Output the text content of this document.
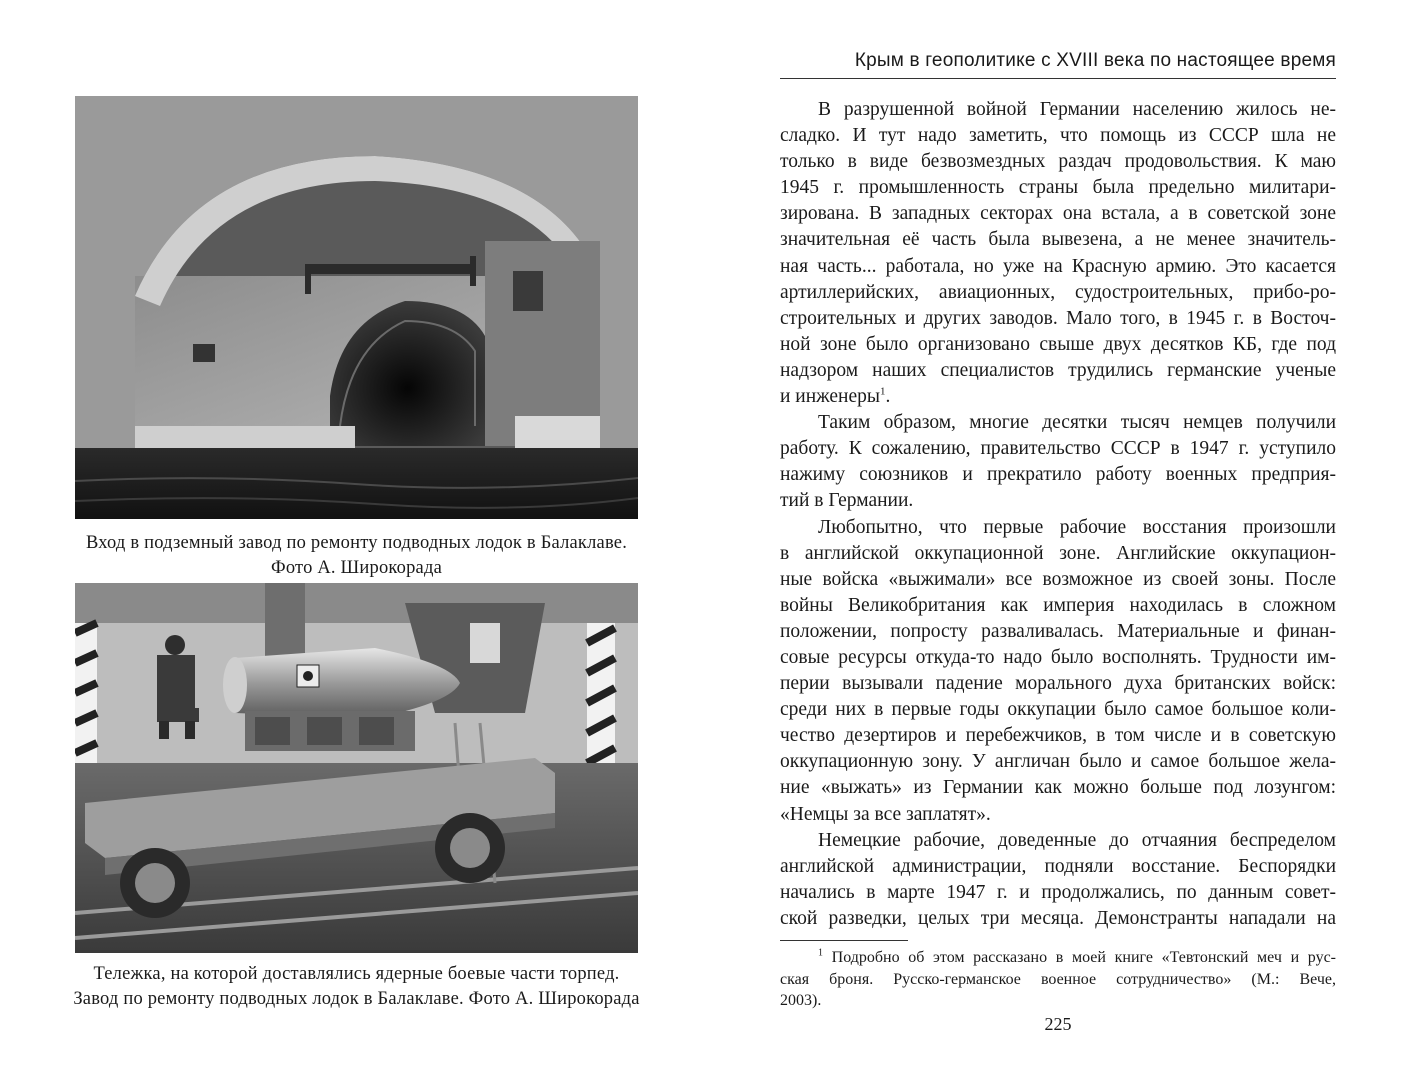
Вход в подземный завод по ремонту подводных лодок в Балаклаве.
Фото А. Широкорада
Тележка, на которой доставлялись ядерные боевые части торпед.
Завод по ремонту подводных лодок в Балаклаве. Фото А. Широкорада
Крым в геополитике с XVIII века по настоящее время
В разрушенной войной Германии населению жилось не-
сладко. И тут надо заметить, что помощь из СССР шла не
только в виде безвозмездных раздач продовольствия. К маю
1945 г. промышленность страны была предельно милитари-
зирована. В западных секторах она встала, а в советской зоне
значительная её часть была вывезена, а не менее значитель-
ная часть... работала, но уже на Красную армию. Это касается
артиллерийских, авиационных, судостроительных, прибо-ро-
строительных и других заводов. Мало того, в 1945 г. в Восточ-
ной зоне было организовано свыше двух десятков КБ, где под
надзором наших специалистов трудились германские ученые
и инженеры$^1$.
Таким образом, многие десятки тысяч немцев получили
работу. К сожалению, правительство СССР в 1947 г. уступило
нажиму союзников и прекратило работу военных предприя-
тий в Германии.
Любопытно, что первые рабочие восстания произошли
в английской оккупационной зоне. Английские оккупацион-
ные войска «выжимали» все возможное из своей зоны. После
войны Великобритания как империя находилась в сложном
положении, попросту разваливалась. Материальные и финан-
совые ресурсы откуда-то надо было восполнять. Трудности им-
перии вызывали падение морального духа британских войск:
среди них в первые годы оккупации было самое большое коли-
чество дезертиров и перебежчиков, в том числе и в советскую
оккупационную зону. У англичан было и самое большое жела-
ние «выжать» из Германии как можно больше под лозунгом:
«Немцы за все заплатят».
Немецкие рабочие, доведенные до отчаяния беспределом
английской администрации, подняли восстание. Беспорядки
начались в марте 1947 г. и продолжались, по данным совет-
ской разведки, целых три месяца. Демонстранты нападали на
$^1$ Подробно об этом рассказано в моей книге «Тевтонский меч и рус-
ская броня. Русско-германское военное сотрудничество» (М.: Вече,
2003).
225
